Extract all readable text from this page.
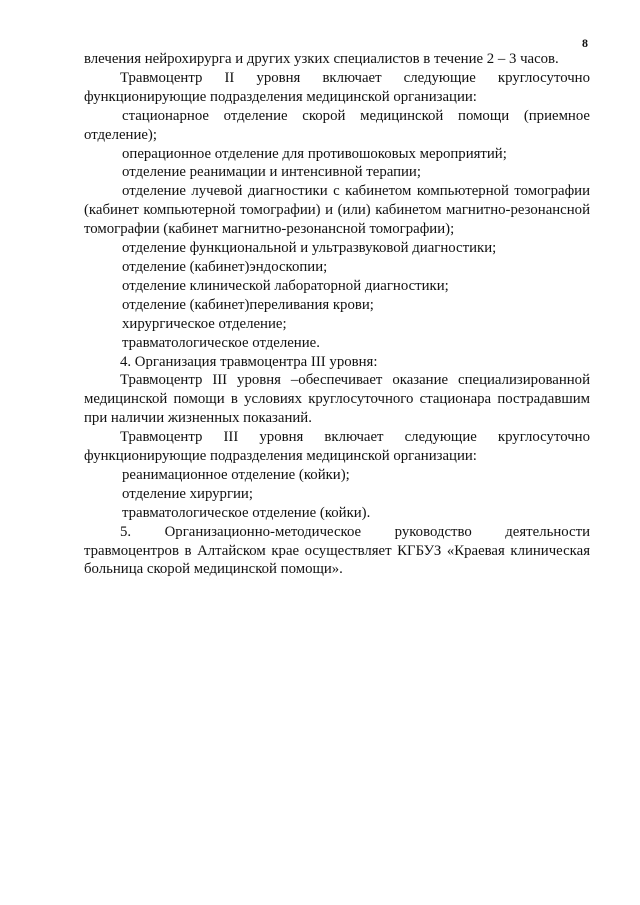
8

влечения нейрохирурга и других узких специалистов в течение 2 – 3 часов.

Травмоцентр II уровня включает следующие круглосуточно функционирующие подразделения медицинской организации:

стационарное отделение скорой медицинской помощи (приемное отделение);

операционное отделение для противошоковых мероприятий;

отделение реанимации и интенсивной терапии;

отделение лучевой диагностики с кабинетом компьютерной томографии (кабинет компьютерной томографии) и (или) кабинетом магнитно-резонансной томографии (кабинет магнитно-резонансной томографии);

отделение функциональной и ультразвуковой диагностики;

отделение (кабинет)эндоскопии;

отделение клинической лабораторной диагностики;

отделение (кабинет)переливания крови;

хирургическое отделение;

травматологическое отделение.

4. Организация травмоцентра III уровня:

Травмоцентр III уровня –обеспечивает оказание специализированной медицинской помощи в условиях круглосуточного стационара пострадавшим при наличии жизненных показаний.

Травмоцентр III уровня включает следующие круглосуточно функционирующие подразделения медицинской организации:

реанимационное отделение (койки);

отделение хирургии;

травматологическое отделение (койки).

5. Организационно-методическое руководство деятельности травмоцентров в Алтайском крае осуществляет КГБУЗ «Краевая клиническая больница скорой медицинской помощи».
